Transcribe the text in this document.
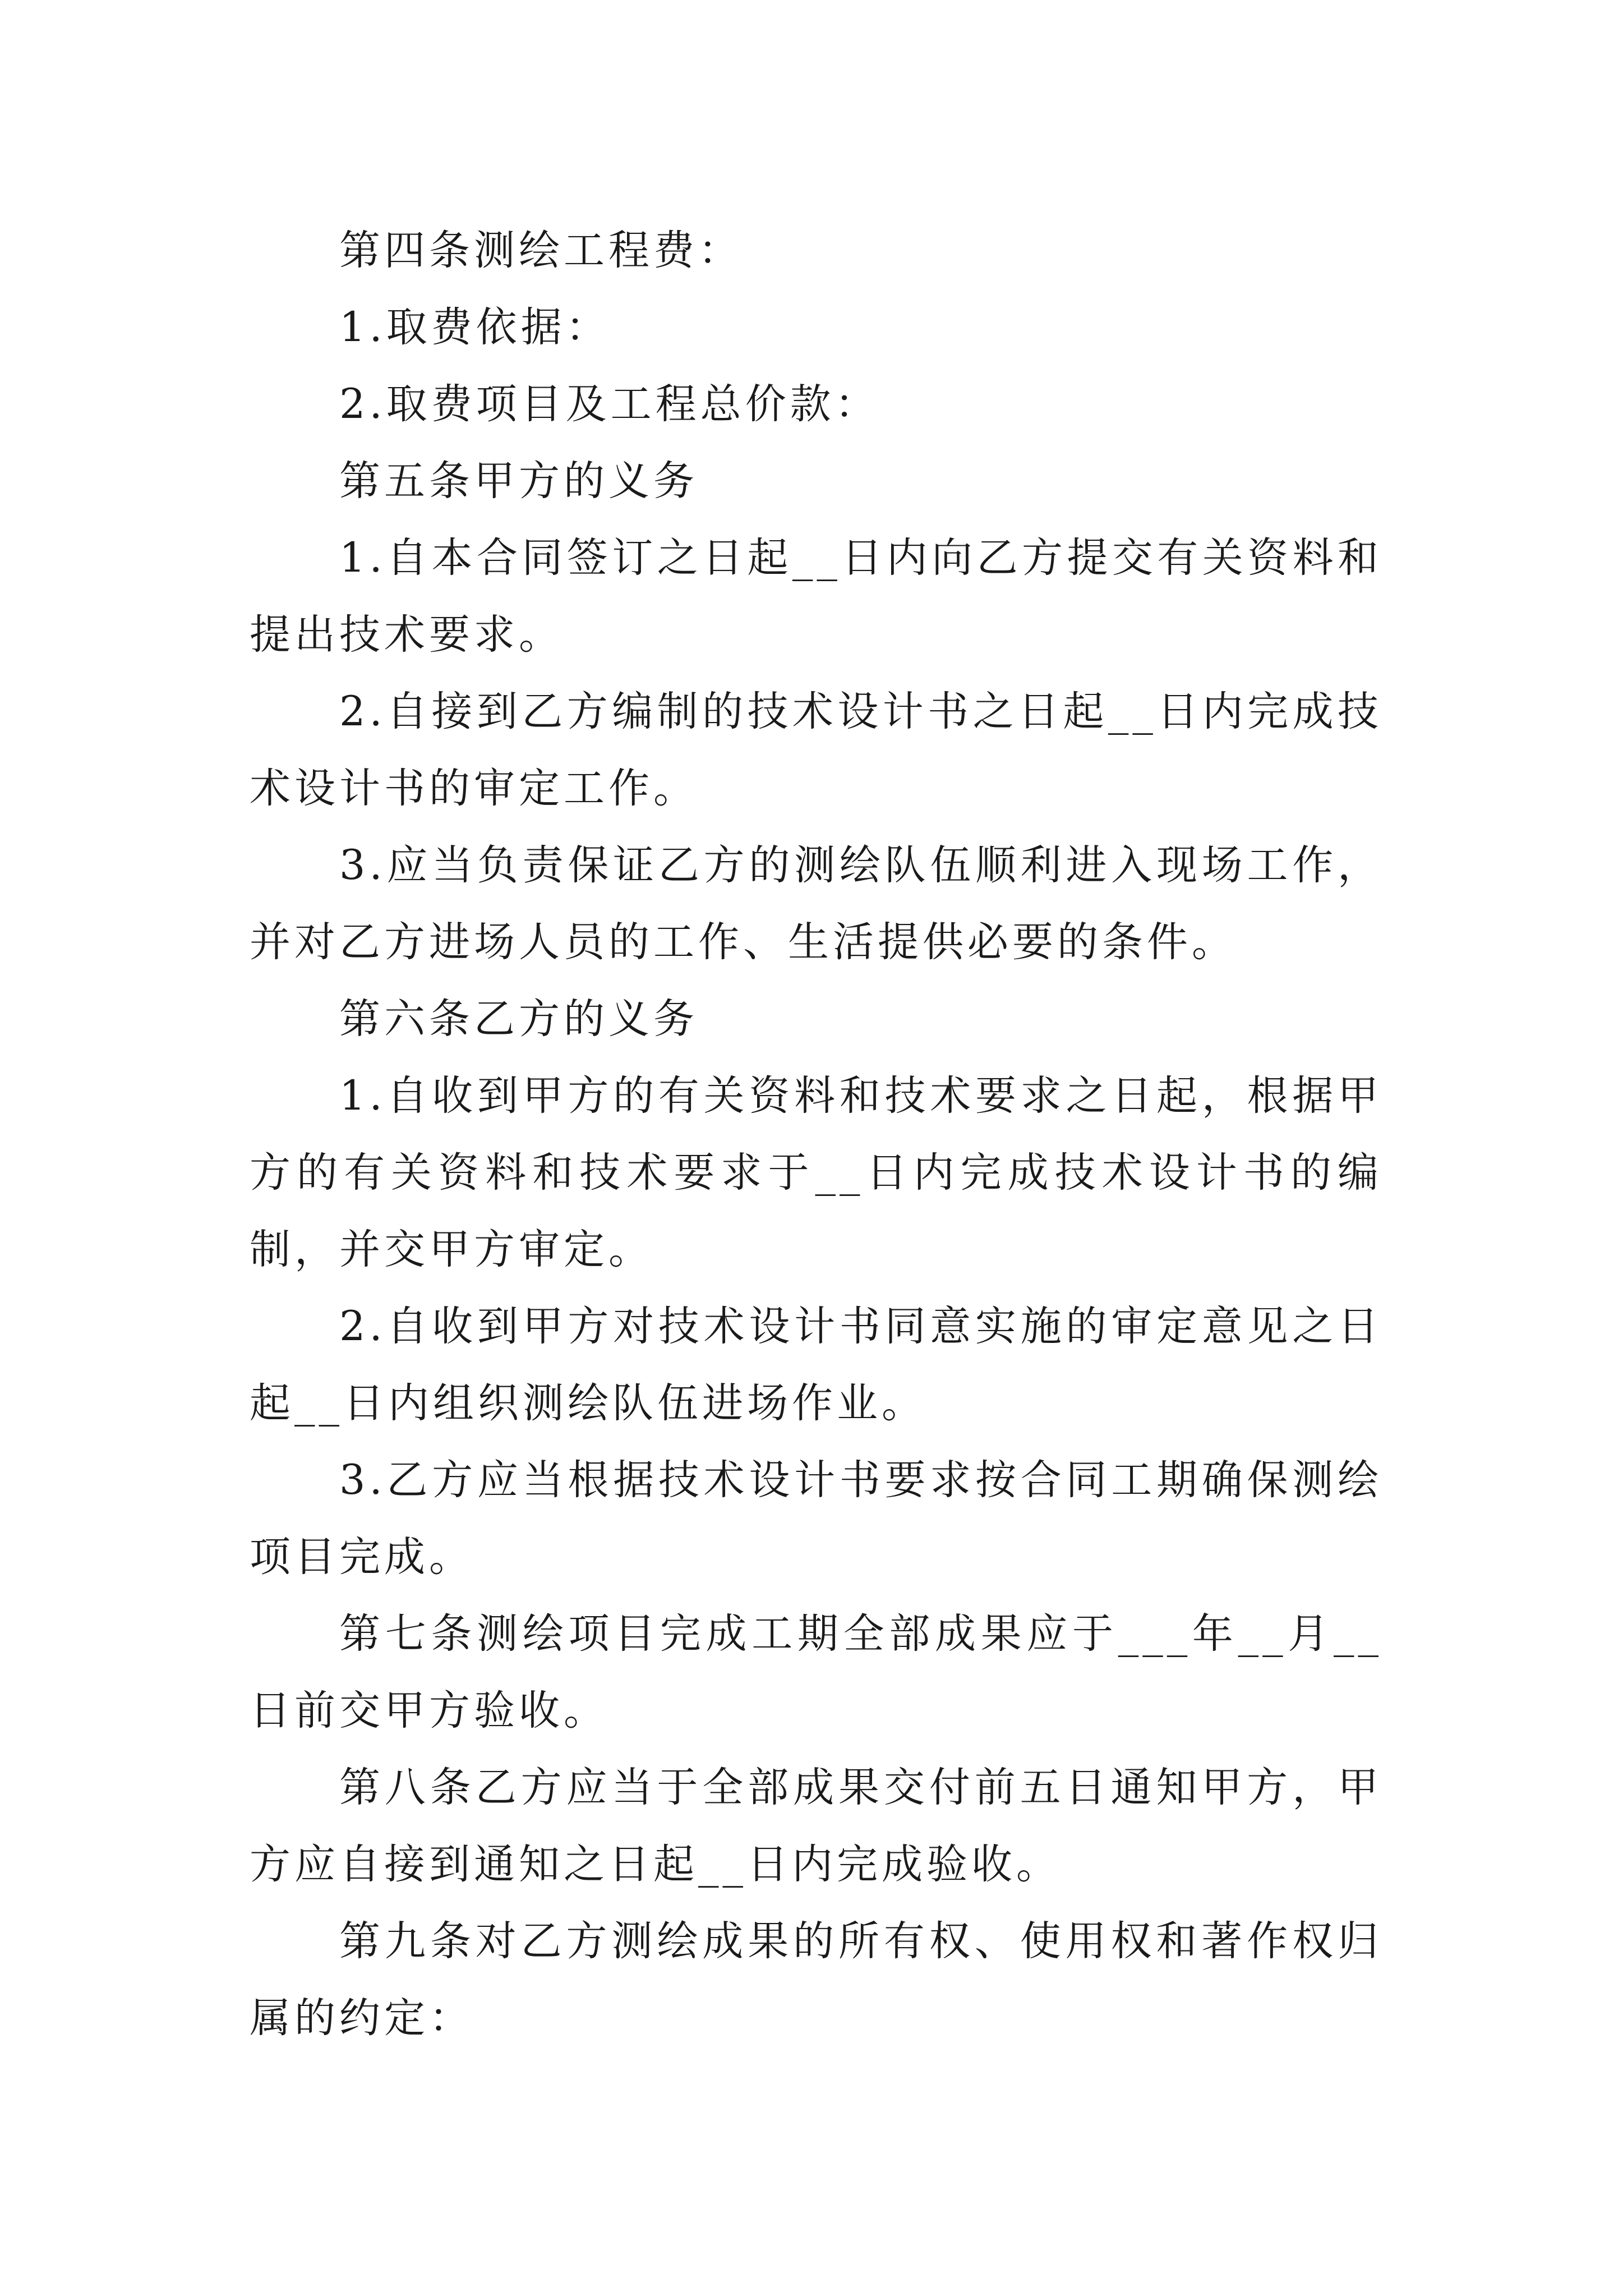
第四条测绘工程费：

1.取费依据：

2.取费项目及工程总价款：

第五条甲方的义务

1.自本合同签订之日起__日内向乙方提交有关资料和提出技术要求。

2.自接到乙方编制的技术设计书之日起__日内完成技术设计书的审定工作。

3.应当负责保证乙方的测绘队伍顺利进入现场工作，并对乙方进场人员的工作、生活提供必要的条件。

第六条乙方的义务

1.自收到甲方的有关资料和技术要求之日起，根据甲方的有关资料和技术要求于__日内完成技术设计书的编制，并交甲方审定。

2.自收到甲方对技术设计书同意实施的审定意见之日起__日内组织测绘队伍进场作业。

3.乙方应当根据技术设计书要求按合同工期确保测绘项目完成。

第七条测绘项目完成工期全部成果应于___年__月__日前交甲方验收。

第八条乙方应当于全部成果交付前五日通知甲方，甲方应自接到通知之日起__日内完成验收。

第九条对乙方测绘成果的所有权、使用权和著作权归属的约定：
